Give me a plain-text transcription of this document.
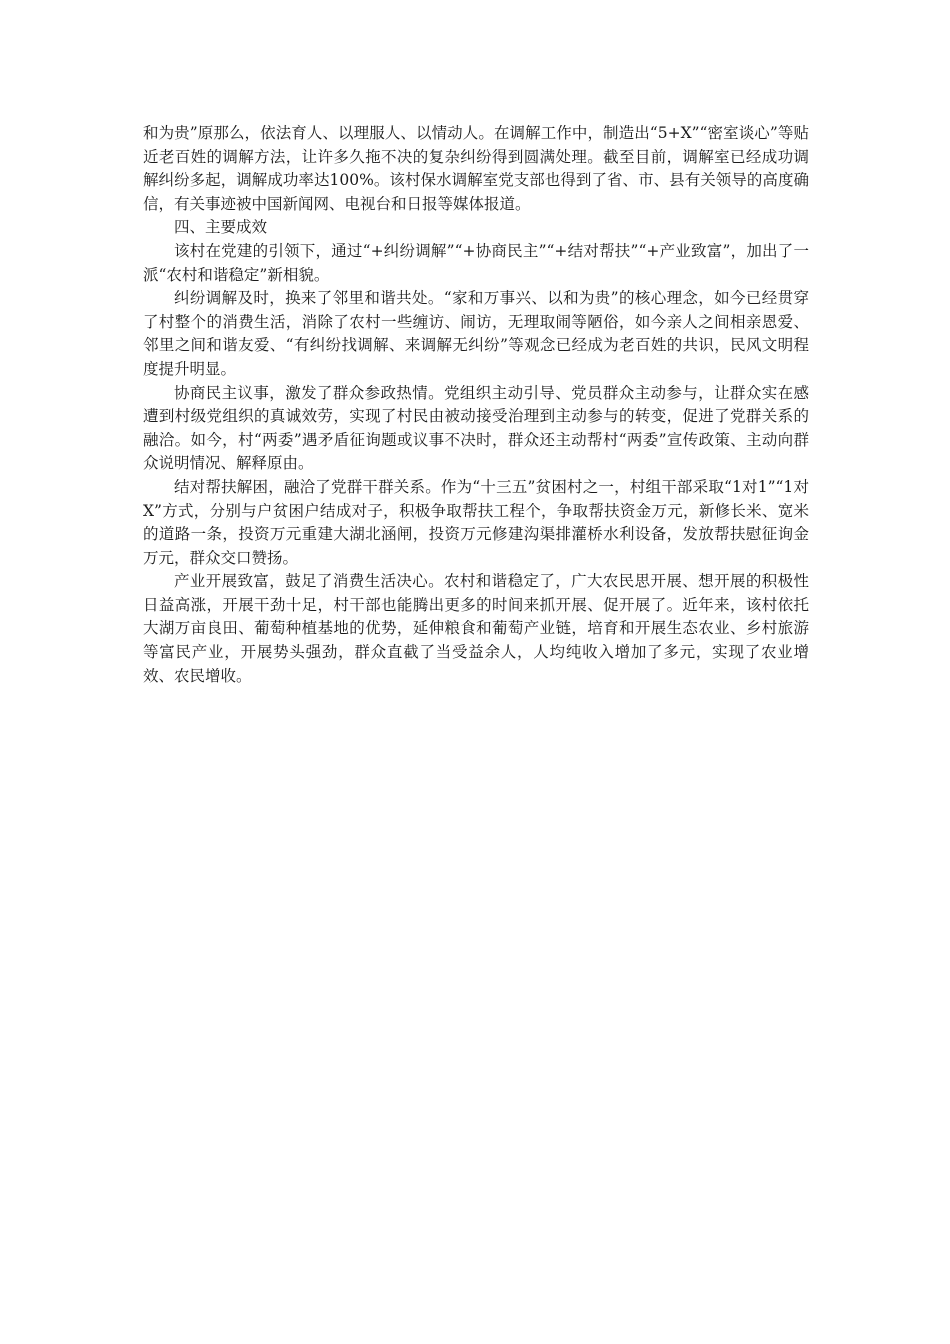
和为贵”原那么，依法育人、以理服人、以情动人。在调解工作中，制造出“5+X”“密室谈心”等贴近老百姓的调解方法，让许多久拖不决的复杂纠纷得到圆满处理。截至目前，调解室已经成功调解纠纷多起，调解成功率达100%。该村保水调解室党支部也得到了省、市、县有关领导的高度确信，有关事迹被中国新闻网、电视台和日报等媒体报道。

四、主要成效

该村在党建的引领下，通过“+纠纷调解”“+协商民主”“+结对帮扶”“+产业致富”，加出了一派“农村和谐稳定”新相貌。

纠纷调解及时，换来了邻里和谐共处。“家和万事兴、以和为贵”的核心理念，如今已经贯穿了村整个的消费生活，消除了农村一些缠访、闹访，无理取闹等陋俗，如今亲人之间相亲恩爱、邻里之间和谐友爱、“有纠纷找调解、来调解无纠纷”等观念已经成为老百姓的共识，民风文明程度提升明显。

协商民主议事，激发了群众参政热情。党组织主动引导、党员群众主动参与，让群众实在感遭到村级党组织的真诚效劳，实现了村民由被动接受治理到主动参与的转变，促进了党群关系的融洽。如今，村“两委”遇矛盾征询题或议事不决时，群众还主动帮村“两委”宣传政策、主动向群众说明情况、解释原由。

结对帮扶解困，融洽了党群干群关系。作为“十三五”贫困村之一，村组干部采取“1对1”“1对X”方式，分别与户贫困户结成对子，积极争取帮扶工程个，争取帮扶资金万元，新修长米、宽米的道路一条，投资万元重建大湖北涵闸，投资万元修建沟渠排灌桥水利设备，发放帮扶慰征询金万元，群众交口赞扬。

产业开展致富，鼓足了消费生活决心。农村和谐稳定了，广大农民思开展、想开展的积极性日益高涨，开展干劲十足，村干部也能腾出更多的时间来抓开展、促开展了。近年来，该村依托大湖万亩良田、葡萄种植基地的优势，延伸粮食和葡萄产业链，培育和开展生态农业、乡村旅游等富民产业，开展势头强劲，群众直截了当受益余人，人均纯收入增加了多元，实现了农业增效、农民增收。
